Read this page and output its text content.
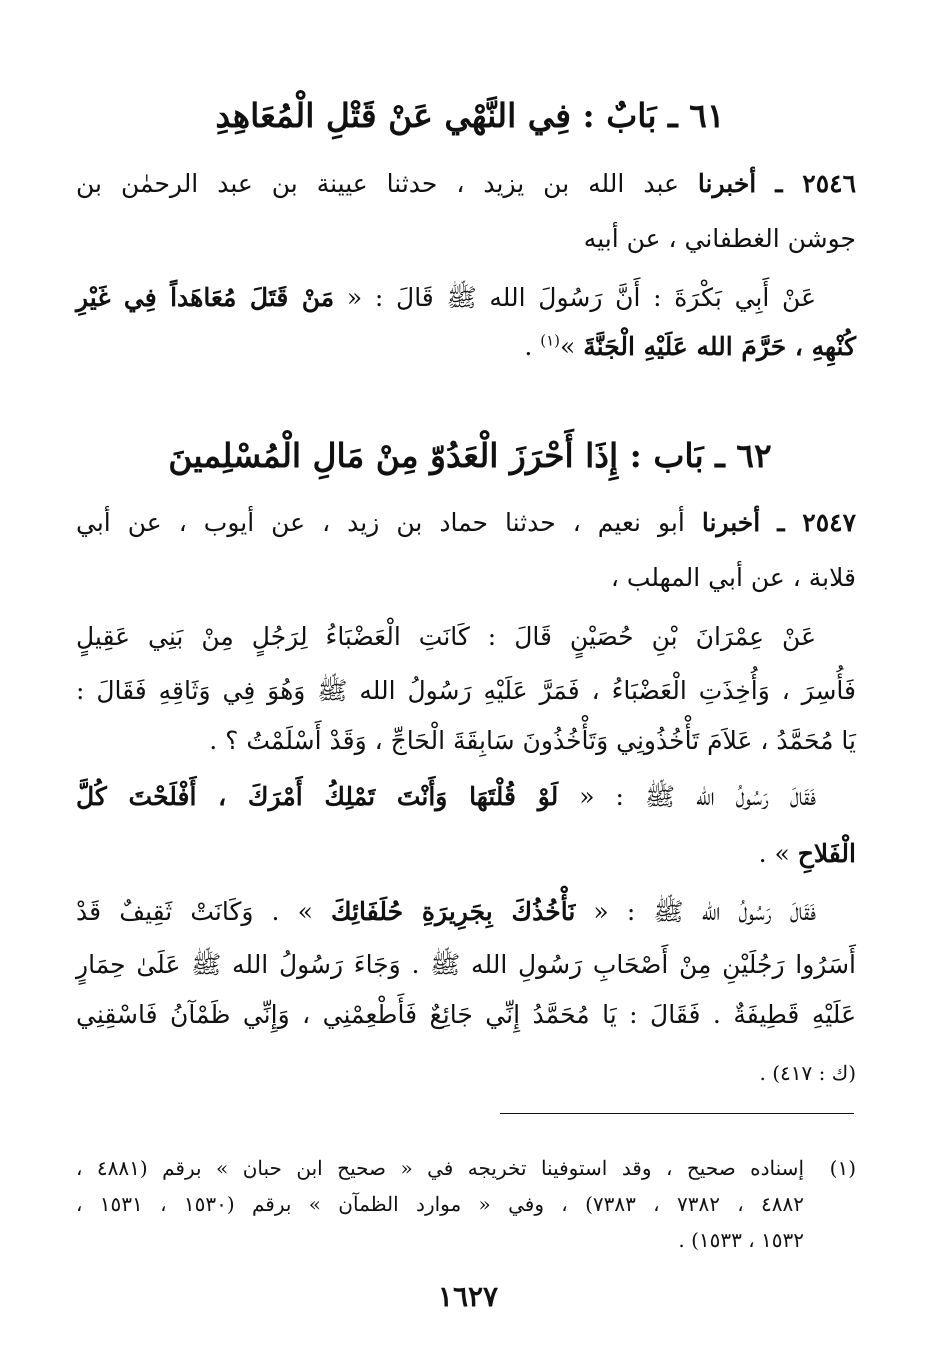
٦١ ـ بَابٌ : فِي النَّهْي عَنْ قَتْلِ الْمُعَاهِدِ
٢٥٤٦ ـ أخبرنا عبد الله بن يزيد ، حدثنا عيينة بن عبد الرحمٰن بن
جوشن الغطفاني ، عن أبيه
عَنْ أَبِي بَكْرَةَ : أَنَّ رَسُولَ الله ﷺ قَالَ : « مَنْ قَتَلَ مُعَاهَداً فِي غَيْرِ
كُنْهِهِ ، حَرَّمَ الله عَلَيْهِ الْجَنَّةَ »$^{(١)}$ .
٦٢ ـ بَاب : إِذَا أَحْرَزَ الْعَدُوّ مِنْ مَالِ الْمُسْلِمينَ
٢٥٤٧ ـ أخبرنا أبو نعيم ، حدثنا حماد بن زيد ، عن أيوب ، عن أبي
قلابة ، عن أبي المهلب ،
عَنْ عِمْرَانَ بْنِ حُصَيْنٍ قَالَ : كَانَتِ الْعَضْبَاءُ لِرَجُلٍ مِنْ بَنِي عَقِيلٍ
فَأُسِرَ ، وَأُخِذَتِ الْعَضْبَاءُ ، فَمَرَّ عَلَيْهِ رَسُولُ الله ﷺ وَهُوَ فِي وَثَاقِهِ فَقَالَ :
يَا مُحَمَّدُ ، عَلاَمَ تَأْخُذُونِي وَتَأْخُذُونَ سَابِقَةَ الْحَاجِّ ، وَقَدْ أَسْلَمْتُ ؟ .
فَقَالَ رَسُولُ الله ﷺ : « لَوْ قُلْتَهَا وَأَنْتَ تَمْلِكُ أَمْرَكَ ، أَفْلَحْتَ كُلَّ
الْفَلاحِ » .
فَقَالَ رَسُولُ الله ﷺ : « نَأْخُذُكَ بِجَرِيرَةِ حُلَفَائِكَ » . وَكَانَتْ ثَقِيفٌ قَدْ
أَسَرُوا رَجُلَيْنِ مِنْ أَصْحَابِ رَسُولِ الله ﷺ . وَجَاءَ رَسُولُ الله ﷺ عَلَىٰ حِمَارٍ
عَلَيْهِ قَطِيفَةٌ . فَقَالَ : يَا مُحَمَّدُ إِنِّي جَائِعٌ فَأَطْعِمْنِي ، وَإِنِّي ظَمْآنُ فَاسْقِنِي
(ك : ٤١٧) .
(١)إسناده صحيح ، وقد استوفينا تخريجه في « صحيح ابن حبان » برقم (٤٨٨١ ،
٤٨٨٢ ، ٧٣٨٢ ، ٧٣٨٣) ، وفي « موارد الظمآن » برقم (١٥٣٠ ، ١٥٣١ ،
١٥٣٢ ، ١٥٣٣) .
١٦٢٧
